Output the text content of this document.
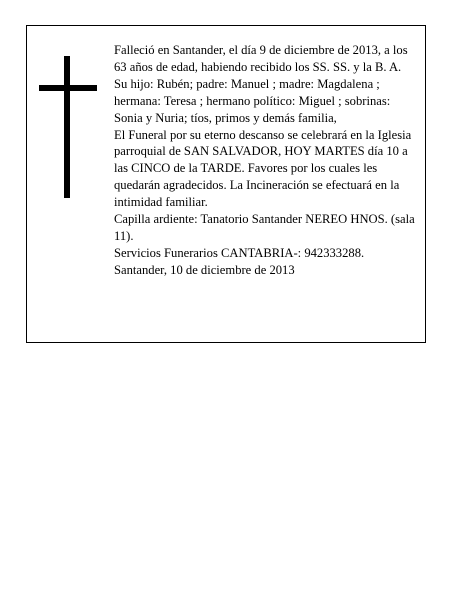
Falleció en Santander, el día 9 de diciembre de 2013, a los 63 años de edad, habiendo recibido los SS. SS. y la B. A.

Su hijo: Rubén; padre: Manuel ; madre: Magdalena ; hermana: Teresa ; hermano político: Miguel ; sobrinas: Sonia y Nuria; tíos, primos y demás familia,

El Funeral por su eterno descanso se celebrará en la Iglesia parroquial de SAN SALVADOR, HOY MARTES día 10 a las CINCO de la TARDE. Favores por los cuales les quedarán agradecidos. La Incineración se efectuará en la intimidad familiar.

Capilla ardiente: Tanatorio Santander NEREO HNOS. (sala 11).

Servicios Funerarios CANTABRIA-: 942333288.

Santander, 10 de diciembre de 2013
